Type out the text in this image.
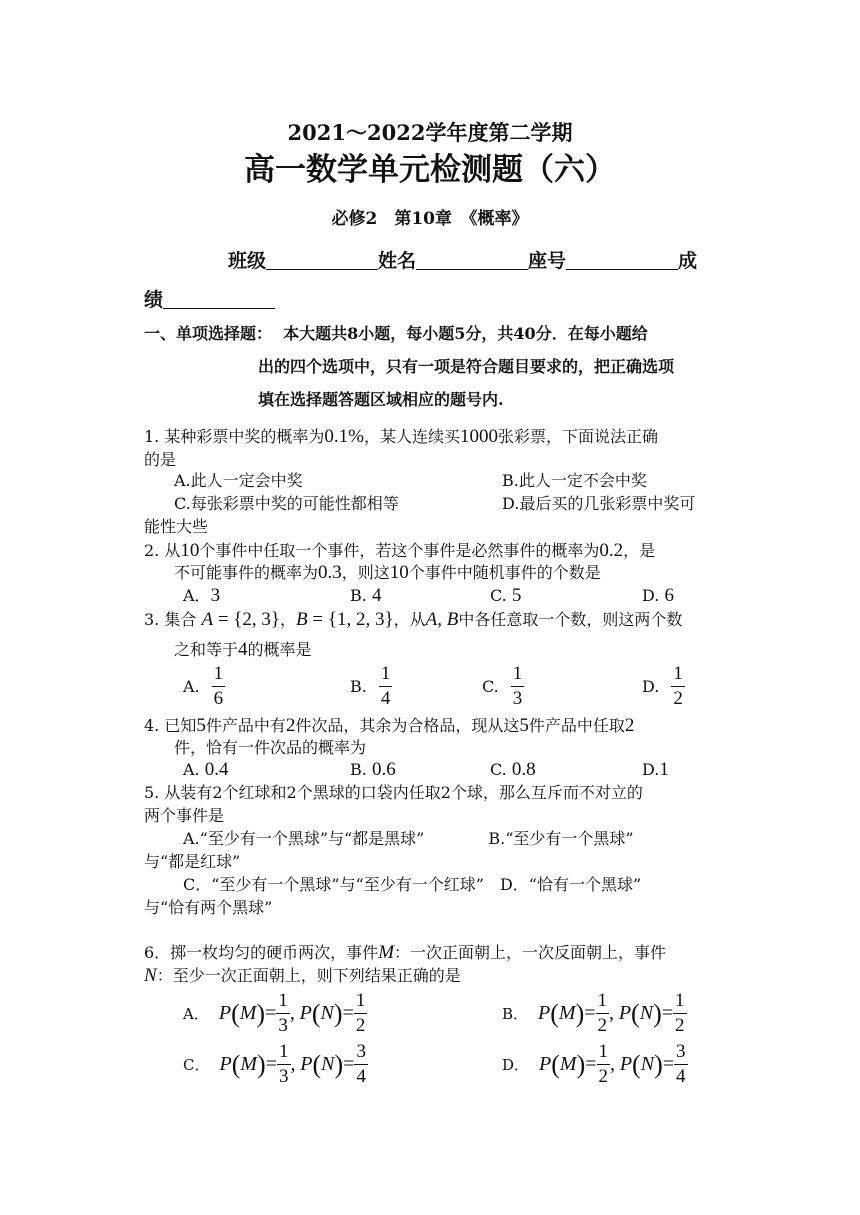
2021～2022学年度第二学期
高一数学单元检测题（六）
必修2　第10章　《概率》
班级	姓名	座号	成
绩
一、单项选择题： 本大题共8小题，每小题5分，共40分．在每小题给
出的四个选项中，只有一项是符合题目要求的，把正确选项
填在选择题答题区域相应的题号内.
1. 某种彩票中奖的概率为0.1%，某人连续买1000张彩票，下面说法正确
的是
A.此人一定会中奖	B.此人一定不会中奖
C.每张彩票中奖的可能性都相等	D.最后买的几张彩票中奖可
能性大些
2. 从10个事件中任取一个事件，若这个事件是必然事件的概率为0.2，是
不可能事件的概率为0.3，则这10个事件中随机事件的个数是
A．3	B. 4	C. 5	D. 6
3. 集合 A = {2, 3}，B = {1, 2, 3}，从A, B中各任意取一个数，则这两个数
之和等于4的概率是
A. $\frac{1}{6}$	B. $\frac{1}{4}$	C. $\frac{1}{3}$	D. $\frac{1}{2}$
4. 已知5件产品中有2件次品，其余为合格品，现从这5件产品中任取2
件，恰有一件次品的概率为
A. 0.4	B. 0.6	C. 0.8	D.1
5. 从装有2个红球和2个黑球的口袋内任取2个球，那么互斥而不对立的
两个事件是
A.“至少有一个黑球”与“都是黑球”　　　　B.“至少有一个黑球”
与“都是红球”
C．“至少有一个黑球”与“至少有一个红球”　D．“恰有一个黑球”
与“恰有两个黑球”
6．掷一枚均匀的硬币两次，事件M：一次正面朝上，一次反面朝上，事件
N：至少一次正面朝上，则下列结果正确的是
A． P ( M ) = $\frac{1}{3}$ ,
P ( N ) = $\frac{1}{2}$	B． P ( M ) = $\frac{1}{2}$ ,
P ( N ) = $\frac{1}{2}$
C． P ( M ) = $\frac{1}{3}$ ,
P ( N ) = $\frac{3}{4}$	D． P ( M ) = $\frac{1}{2}$ ,
P ( N ) = $\frac{3}{4}$
